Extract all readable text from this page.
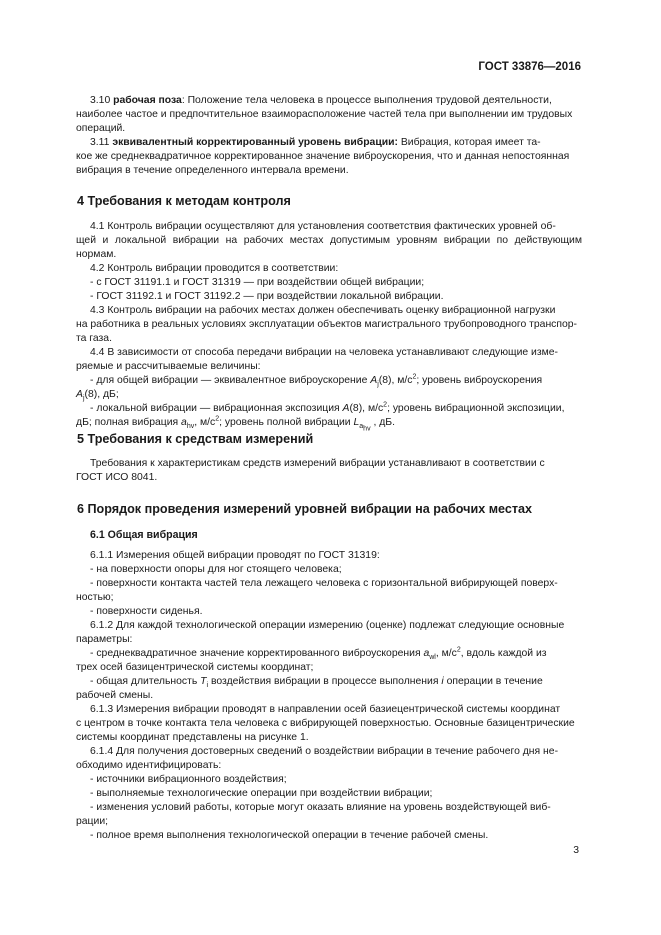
ГОСТ 33876—2016

3.10 рабочая поза: Положение тела человека в процессе выполнения трудовой деятельности,

наиболее частое и предпочтительное взаиморасположение частей тела при выполнении им трудовых

операций.

3.11 эквивалентный корректированный уровень вибрации: Вибрация, которая имеет та-

кое же среднеквадратичное корректированное значение виброускорения, что и данная непостоянная

вибрация в течение определенного интервала времени.

4 Требования к методам контроля

4.1 Контроль вибрации осуществляют для установления соответствия фактических уровней об-

щей и локальной вибрации на рабочих местах допустимым уровням вибрации по действующим нормам.

4.2 Контроль вибрации проводится в соответствии:

- с ГОСТ 31191.1 и ГОСТ 31319 — при воздействии общей вибрации;

- ГОСТ 31192.1 и ГОСТ 31192.2 — при воздействии локальной вибрации.

4.3 Контроль вибрации на рабочих местах должен обеспечивать оценку вибрационной нагрузки

на работника в реальных условиях эксплуатации объектов магистрального трубопроводного транспор-

та газа.

4.4 В зависимости от способа передачи вибрации на человека устанавливают следующие изме-

ряемые и рассчитываемые величины:

- для общей вибрации — эквивалентное виброускорение $A_j(8)$, $м/с^2$; уровень виброускорения

$A_j(8)$, дБ;

- локальной вибрации — вибрационная экспозиция A(8), $м/с^2$; уровень вибрационной экспозиции,

дБ; полная вибрация $a_{hv}$, $м/с^2$; уровень полной вибрации $L_{a_{hv}}$ , дБ.

5 Требования к средствам измерений

Требования к характеристикам средств измерений вибрации устанавливают в соответствии с

ГОСТ ИСО 8041.

6 Порядок проведения измерений уровней вибрации на рабочих местах
6.1 Общая вибрация

6.1.1 Измерения общей вибрации проводят по ГОСТ 31319:

- на поверхности опоры для ног стоящего человека;

- поверхности контакта частей тела лежащего человека с горизонтальной вибрирующей поверх-

ностью;

- поверхности сиденья.

6.1.2 Для каждой технологической операции измерению (оценке) подлежат следующие основные

параметры:

- среднеквадратичное значение корректированного виброускорения $a_{wl}$, $м/с^2$, вдоль каждой из

трех осей базицентрической системы координат;

- общая длительность $T_i$ воздействия вибрации в процессе выполнения i операции в течение

рабочей смены.

6.1.3 Измерения вибрации проводят в направлении осей базиецентрической системы координат

с центром в точке контакта тела человека с вибрирующей поверхностью. Основные базицентрические

системы координат представлены на рисунке 1.

6.1.4 Для получения достоверных сведений о воздействии вибрации в течение рабочего дня не-

обходимо идентифицировать:

- источники вибрационного воздействия;

- выполняемые технологические операции при воздействии вибрации;

- изменения условий работы, которые могут оказать влияние на уровень воздействующей виб-

рации;

- полное время выполнения технологической операции в течение рабочей смены.

3
